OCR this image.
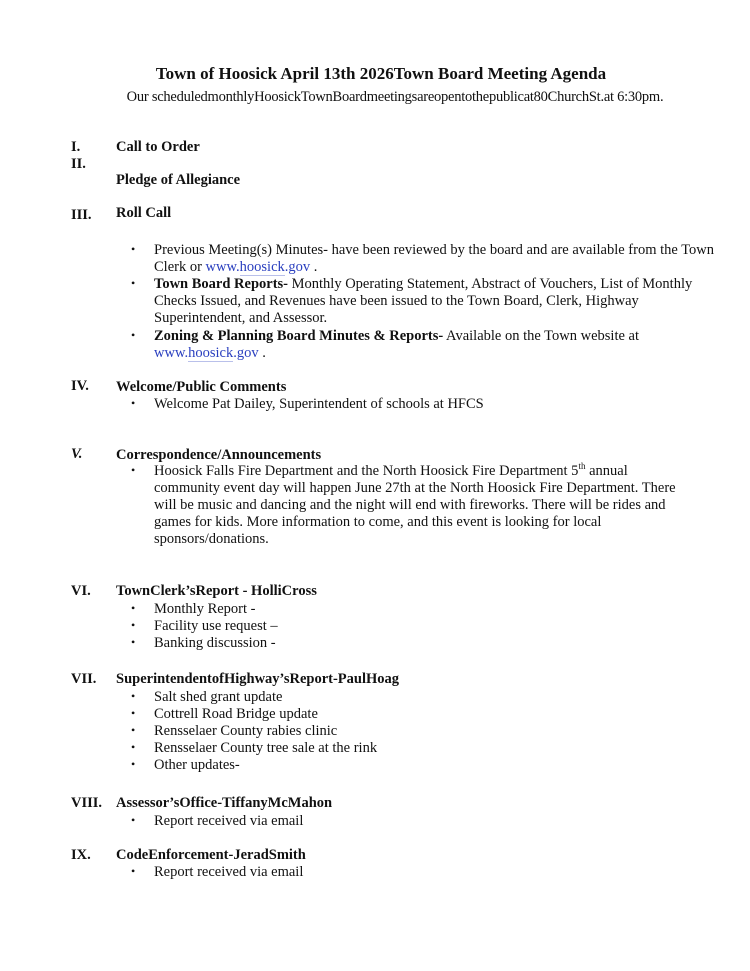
Town of Hoosick April 13th 2026Town Board Meeting Agenda
Our scheduledmonthlyHoosickTownBoardmeetingsareopentothepublicat80ChurchSt.at 6:30pm.
I. Call to Order
II.
Pledge of Allegiance
III. Roll Call
• Previous Meeting(s) Minutes- have been reviewed by the board and are available from the Town Clerk or www.hoosick.gov .
• Town Board Reports- Monthly Operating Statement, Abstract of Vouchers, List of Monthly Checks Issued, and Revenues have been issued to the Town Board, Clerk, Highway Superintendent, and Assessor.
• Zoning & Planning Board Minutes & Reports- Available on the Town website at www.hoosick.gov .
IV. Welcome/Public Comments
• Welcome Pat Dailey, Superintendent of schools at HFCS
V. Correspondence/Announcements
• Hoosick Falls Fire Department and the North Hoosick Fire Department 5th annual community event day will happen June 27th at the North Hoosick Fire Department. There will be music and dancing and the night will end with fireworks. There will be rides and games for kids. More information to come, and this event is looking for local sponsors/donations.
VI. TownClerk’sReport - HolliCross
• Monthly Report -
• Facility use request –
• Banking discussion -
VII. SuperintendentofHighway’sReport-PaulHoag
• Salt shed grant update
• Cottrell Road Bridge update
• Rensselaer County rabies clinic
• Rensselaer County tree sale at the rink
• Other updates-
VIII. Assessor’sOffice-TiffanyMcMahon
• Report received via email
IX. CodeEnforcement-JeradSmith
• Report received via email
